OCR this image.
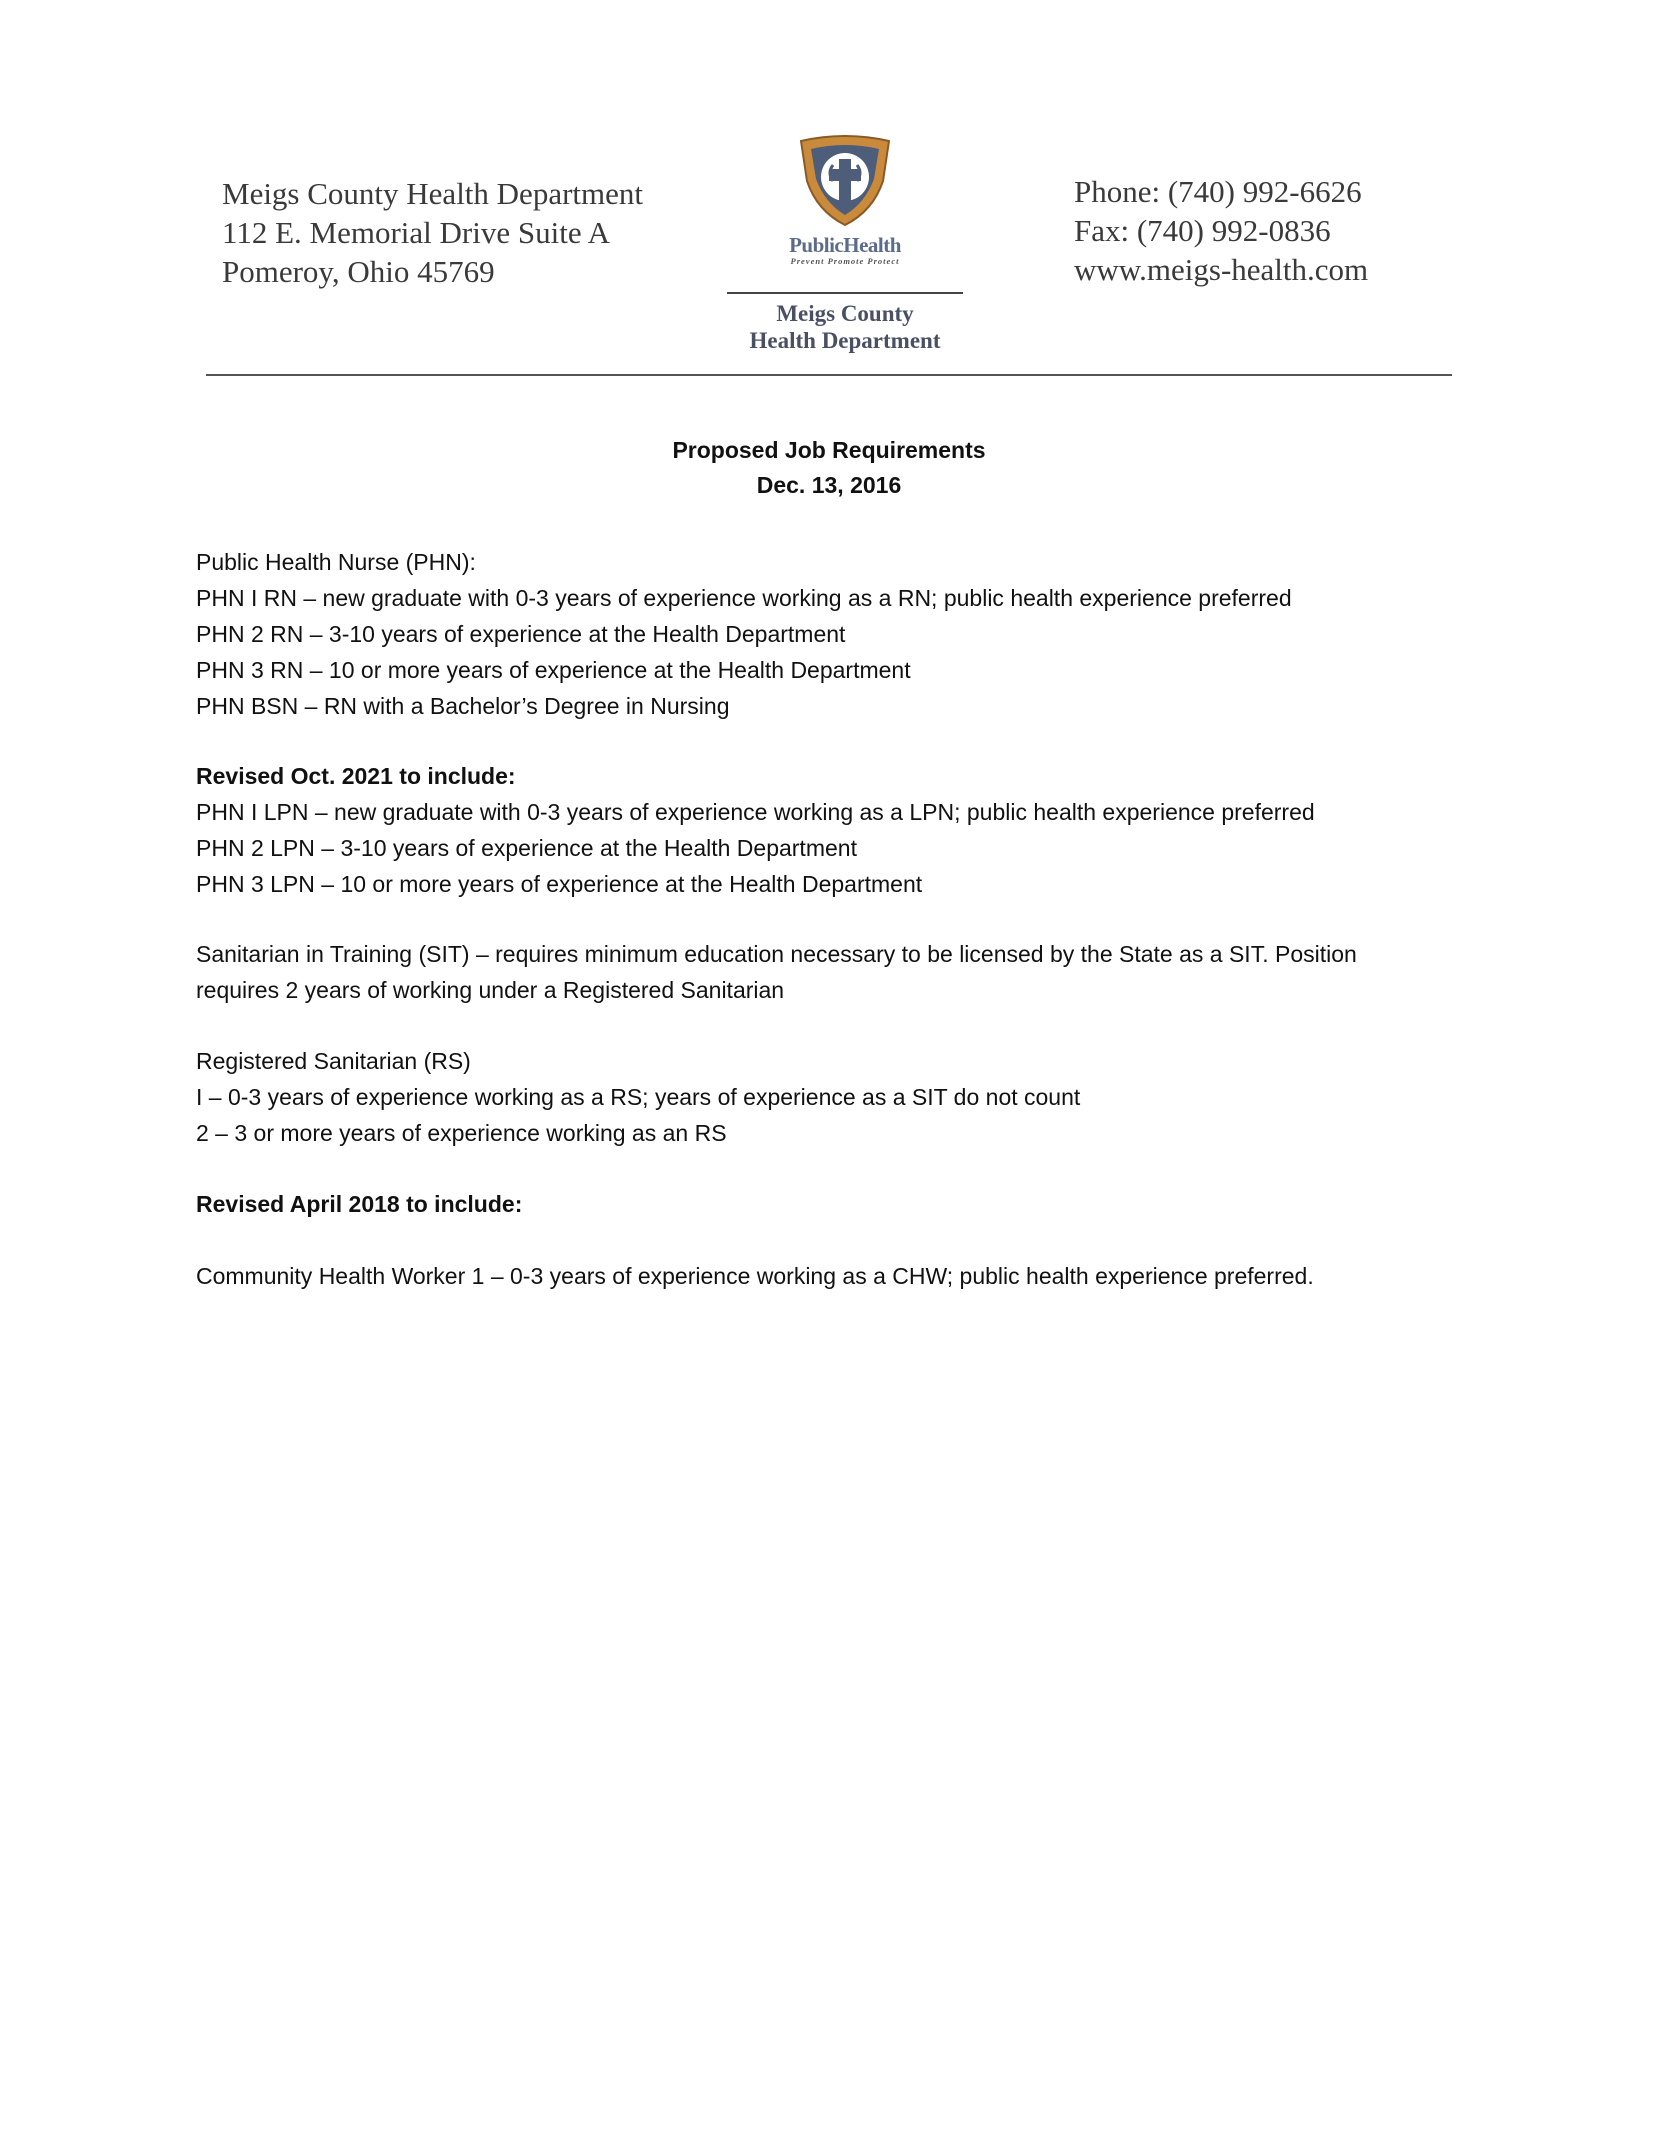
Meigs County Health Department
112 E. Memorial Drive Suite A
Pomeroy, Ohio 45769
PublicHealth
Prevent Promote Protect
Meigs County
Health Department
Phone: (740) 992-6626
Fax: (740) 992-0836
www.meigs-health.com
Proposed Job Requirements
Dec. 13, 2016
Public Health Nurse (PHN):
PHN I RN – new graduate with 0-3 years of experience working as a RN; public health experience preferred
PHN 2 RN – 3-10 years of experience at the Health Department
PHN 3 RN – 10 or more years of experience at the Health Department
PHN BSN – RN with a Bachelor’s Degree in Nursing
Revised Oct. 2021 to include:
PHN I LPN – new graduate with 0-3 years of experience working as a LPN; public health experience preferred
PHN 2 LPN – 3-10 years of experience at the Health Department
PHN 3 LPN – 10 or more years of experience at the Health Department
Sanitarian in Training (SIT) – requires minimum education necessary to be licensed by the State as a SIT. Position
requires 2 years of working under a Registered Sanitarian
Registered Sanitarian (RS)
I – 0-3 years of experience working as a RS; years of experience as a SIT do not count
2 – 3 or more years of experience working as an RS
Revised April 2018 to include:
Community Health Worker 1 – 0-3 years of experience working as a CHW; public health experience preferred.
